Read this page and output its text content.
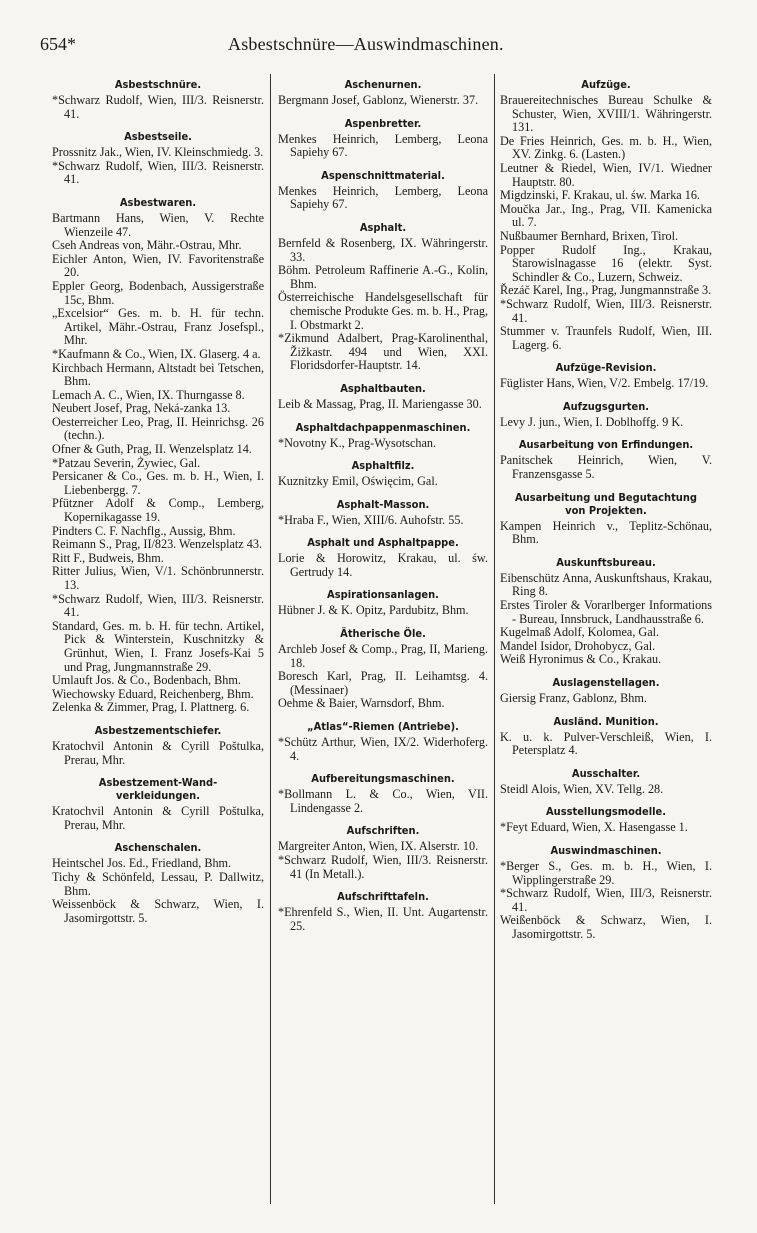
654*	Asbestschnüre—Auswindmaschinen.
Asbestschnüre.

*Schwarz Rudolf, Wien, III/3. Reisnerstr. 41.

Asbestseile.

Prossnitz Jak., Wien, IV. Kleinschmiedg. 3.

*Schwarz Rudolf, Wien, III/3. Reisnerstr. 41.

Asbestwaren.

Bartmann Hans, Wien, V. Rechte Wienzeile 47.

Cseh Andreas von, Mähr.-Ostrau, Mhr.

Eichler Anton, Wien, IV. Favoritenstraße 20.

Eppler Georg, Bodenbach, Aussigerstraße 15c, Bhm.

„Excelsior“ Ges. m. b. H. für techn. Artikel, Mähr.-Ostrau, Franz Josefspl., Mhr.

*Kaufmann & Co., Wien, IX. Glaserg. 4 a.

Kirchbach Hermann, Altstadt bei Tetschen, Bhm.

Lemach A. C., Wien, IX. Thurngasse 8.

Neubert Josef, Prag, Neká-zanka 13.

Oesterreicher Leo, Prag, II. Heinrichsg. 26 (techn.).

Ofner & Guth, Prag, II. Wenzelsplatz 14.

*Patzau Severin, Żywiec, Gal.

Persicaner & Co., Ges. m. b. H., Wien, I. Liebenbergg. 7.

Pfützner Adolf & Comp., Lemberg, Kopernikagasse 19.

Pindters C. F. Nachflg., Aussig, Bhm.

Reimann S., Prag, II/823. Wenzelsplatz 43.

Ritt F., Budweis, Bhm.

Ritter Julius, Wien, V/1. Schönbrunnerstr. 13.

*Schwarz Rudolf, Wien, III/3. Reisnerstr. 41.

Standard, Ges. m. b. H. für techn. Artikel, Pick & Winterstein, Kuschnitzky & Grünhut, Wien, I. Franz Josefs-Kai 5 und Prag, Jungmannstraße 29.

Umlauft Jos. & Co., Bodenbach, Bhm.

Wiechowsky Eduard, Reichenberg, Bhm.

Zelenka & Zimmer, Prag, I. Plattnerg. 6.

Asbestzementschiefer.

Kratochvil Antonin & Cyrill Poštulka, Prerau, Mhr.

Asbestzement-Wand-verkleidungen.

Kratochvil Antonin & Cyrill Poštulka, Prerau, Mhr.

Aschenschalen.

Heintschel Jos. Ed., Friedland, Bhm.

Tichy & Schönfeld, Lessau, P. Dallwitz, Bhm.

Weissenböck & Schwarz, Wien, I. Jasomirgottstr. 5.

Aschenurnen.

Bergmann Josef, Gablonz, Wienerstr. 37.

Aspenbretter.

Menkes Heinrich, Lemberg, Leona Sapiehy 67.

Aspenschnittmaterial.

Menkes Heinrich, Lemberg, Leona Sapiehy 67.

Asphalt.

Bernfeld & Rosenberg, IX. Währingerstr. 33.

Böhm. Petroleum Raffinerie A.-G., Kolin, Bhm.

Österreichische Handelsgesellschaft für chemische Produkte Ges. m. b. H., Prag, I. Obstmarkt 2.

*Zikmund Adalbert, Prag-Karolinenthal, Žižkastr. 494 und Wien, XXI. Floridsdorfer-Hauptstr. 14.

Asphaltbauten.

Leib & Massag, Prag, II. Mariengasse 30.

Asphaltdachpappenmaschinen.

*Novotny K., Prag-Wysotschan.

Asphaltfilz.

Kuznitzky Emil, Oświęcim, Gal.

Asphalt-Masson.

*Hraba F., Wien, XIII/6. Auhofstr. 55.

Asphalt und Asphaltpappe.

Lorie & Horowitz, Krakau, ul. św. Gertrudy 14.

Aspirationsanlagen.

Hübner J. & K. Opitz, Pardubitz, Bhm.

Ätherische Öle.

Archleb Josef & Comp., Prag, II, Marieng. 18.

Boresch Karl, Prag, II. Leihamtsg. 4. (Messinaer)

Oehme & Baier, Warnsdorf, Bhm.

„Atlas“-Riemen (Antriebe).

*Schütz Arthur, Wien, IX/2. Widerhoferg. 4.

Aufbereitungsmaschinen.

*Bollmann L. & Co., Wien, VII. Lindengasse 2.

Aufschriften.

Margreiter Anton, Wien, IX. Alserstr. 10.

*Schwarz Rudolf, Wien, III/3. Reisnerstr. 41 (In Metall.).

Aufschrifttafeln.

*Ehrenfeld S., Wien, II. Unt. Augartenstr. 25.

Aufzüge.

Brauereitechnisches Bureau Schulke & Schuster, Wien, XVIII/1. Währingerstr. 131.

De Fries Heinrich, Ges. m. b. H., Wien, XV. Zinkg. 6. (Lasten.)

Leutner & Riedel, Wien, IV/1. Wiedner Hauptstr. 80.

Migdzinski, F. Krakau, ul. św. Marka 16.

Moučka Jar., Ing., Prag, VII. Kamenicka ul. 7.

Nußbaumer Bernhard, Brixen, Tirol.

Popper Rudolf Ing., Krakau, Starowislnagasse 16 (elektr. Syst. Schindler & Co., Luzern, Schweiz.

Řezáč Karel, Ing., Prag, Jungmannstraße 3.

*Schwarz Rudolf, Wien, III/3. Reisnerstr. 41.

Stummer v. Traunfels Rudolf, Wien, III. Lagerg. 6.

Aufzüge-Revision.

Füglister Hans, Wien, V/2. Embelg. 17/19.

Aufzugsgurten.

Levy J. jun., Wien, I. Doblhoffg. 9 K.

Ausarbeitung von Erfindungen.

Panitschek Heinrich, Wien, V. Franzensgasse 5.

Ausarbeitung und Begutachtung von Projekten.

Kampen Heinrich v., Teplitz-Schönau, Bhm.

Auskunftsbureau.

Eibenschütz Anna, Auskunftshaus, Krakau, Ring 8.

Erstes Tiroler & Vorarlberger Informations - Bureau, Innsbruck, Landhausstraße 6.

Kugelmaß Adolf, Kolomea, Gal.

Mandel Isidor, Drohobycz, Gal.

Weiß Hyronimus & Co., Krakau.

Auslagenstellagen.

Giersig Franz, Gablonz, Bhm.

Ausländ. Munition.

K. u. k. Pulver-Verschleiß, Wien, I. Petersplatz 4.

Ausschalter.

Steidl Alois, Wien, XV. Tellg. 28.

Ausstellungsmodelle.

*Feyt Eduard, Wien, X. Hasengasse 1.

Auswindmaschinen.

*Berger S., Ges. m. b. H., Wien, I. Wipplingerstraße 29.

*Schwarz Rudolf, Wien, III/3, Reisnerstr. 41.

Weißenböck & Schwarz, Wien, I. Jasomirgottstr. 5.
